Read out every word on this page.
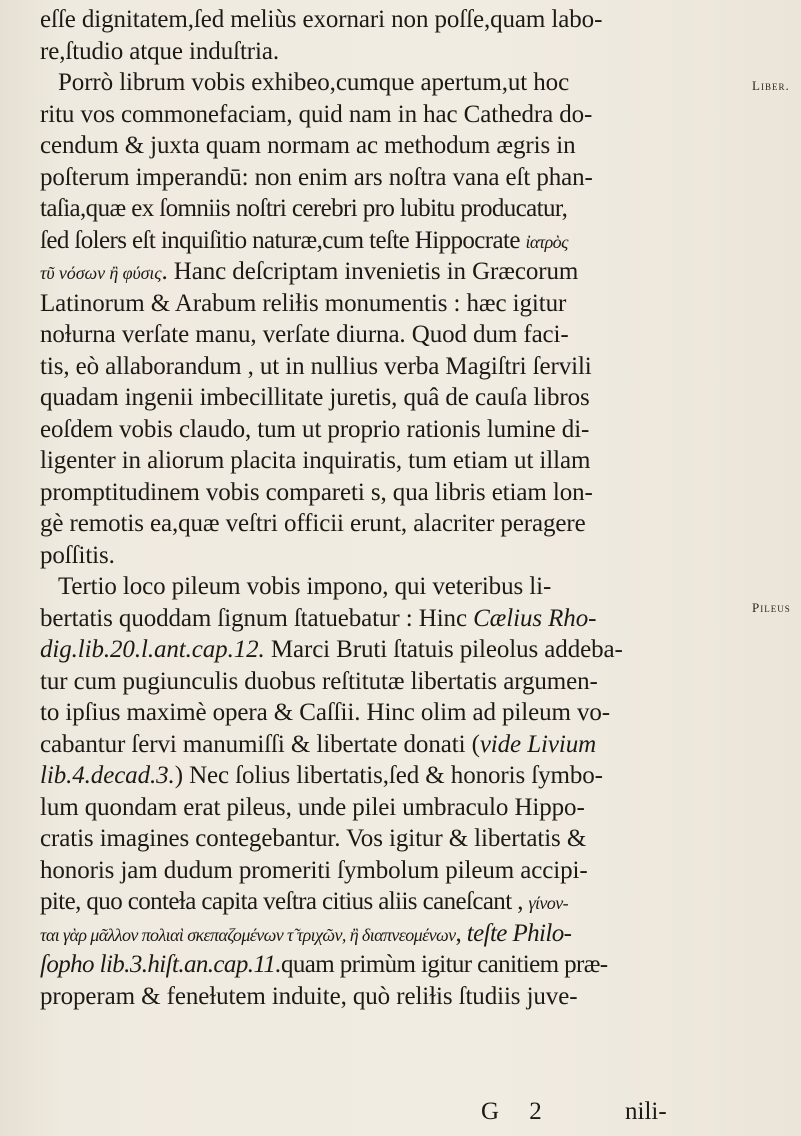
eſſe dignitatem,ſed meliùs exornari non poſſe,quam labo-
re,ſtudio atque induſtria.
Porrò librum vobis exhibeo,cumque apertum,ut hoc
ritu vos commonefaciam, quid nam in hac Cathedra do-
cendum & juxta quam normam ac methodum ægris in
poſterum imperandū: non enim ars noſtra vana eſt phan-
taſia,quæ ex ſomniis noſtri cerebri pro lubitu producatur,
ſed ſolers eſt inquiſitio naturæ,cum teſte Hippocrate ἰατρὸς
τῦ νόσων ἢ φύσις. Hanc deſcriptam invenietis in Græcorum
Latinorum & Arabum reliɫis monumentis : hæc igitur
noɫurna verſate manu, verſate diurna. Quod dum faci-
tis, eò allaborandum , ut in nullius verba Magiſtri ſervili
quadam ingenii imbecillitate juretis, quâ de cauſa libros
eoſdem vobis claudo, tum ut proprio rationis lumine di-
ligenter in aliorum placita inquiratis, tum etiam ut illam
promptitudinem vobis compareti s, qua libris etiam lon-
gè remotis ea,quæ veſtri officii erunt, alacriter peragere
poſſitis.
Tertio loco pileum vobis impono, qui veteribus li-
bertatis quoddam ſignum ſtatuebatur : Hinc Cælius Rho-
dig.lib.20.l.ant.cap.12. Marci Bruti ſtatuis pileolus addeba-
tur cum pugiunculis duobus reſtitutæ libertatis argumen-
to ipſius maximè opera & Caſſii. Hinc olim ad pileum vo-
cabantur ſervi manumiſſi & libertate donati (vide Livium
lib.4.decad.3.) Nec ſolius libertatis,ſed & honoris ſymbo-
lum quondam erat pileus, unde pilei umbraculo Hippo-
cratis imagines contegebantur. Vos igitur & libertatis &
honoris jam dudum promeriti ſymbolum pileum accipi-
pite, quo conteɫa capita veſtra citius aliis caneſcant , γίνον-
ται γὰρ μᾶλλον πολιαὶ σκεπαζομένων τ̃ τριχῶν, ἢ διαπνεομένων, teſte Philo-
ſopho lib.3.hiſt.an.cap.11.quam primùm igitur canitiem præ-
properam & feneɫutem induite, quò reliɫis ſtudiis juve-
Liber.
Pileus
G 2	nili-
